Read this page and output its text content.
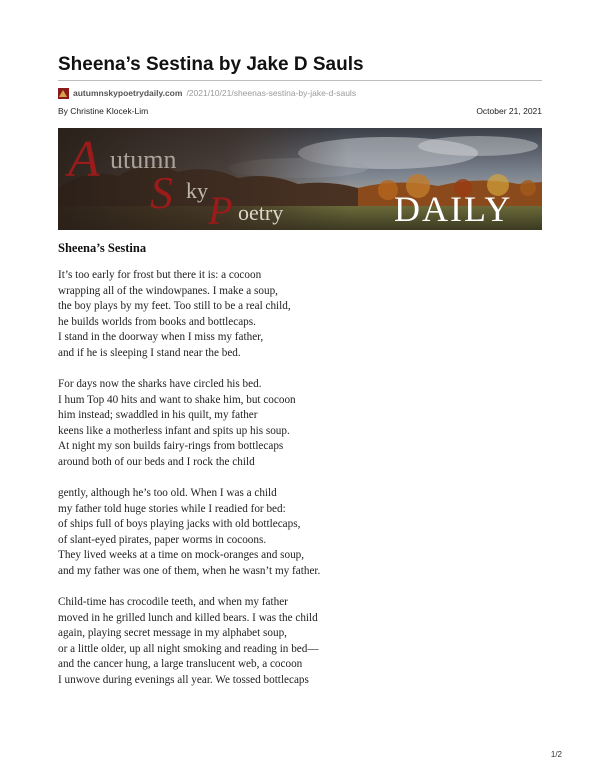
Sheena’s Sestina by Jake D Sauls
autumnskypoetrydaily.com /2021/10/21/sheenas-sestina-by-jake-d-sauls
By Christine Klocek-Lim	October 21, 2021
A utumn
S ky P oetry	DAILY
Sheena’s Sestina
It’s too early for frost but there it is: a cocoon
wrapping all of the windowpanes. I make a soup,
the boy plays by my feet. Too still to be a real child,
he builds worlds from books and bottlecaps.
I stand in the doorway when I miss my father,
and if he is sleeping I stand near the bed.
For days now the sharks have circled his bed.
I hum Top 40 hits and want to shake him, but cocoon
him instead; swaddled in his quilt, my father
keens like a motherless infant and spits up his soup.
At night my son builds fairy-rings from bottlecaps
around both of our beds and I rock the child
gently, although he’s too old. When I was a child
my father told huge stories while I readied for bed:
of ships full of boys playing jacks with old bottlecaps,
of slant-eyed pirates, paper worms in cocoons.
They lived weeks at a time on mock-oranges and soup,
and my father was one of them, when he wasn’t my father.
Child-time has crocodile teeth, and when my father
moved in he grilled lunch and killed bears. I was the child
again, playing secret message in my alphabet soup,
or a little older, up all night smoking and reading in bed—
and the cancer hung, a large translucent web, a cocoon
I unwove during evenings all year. We tossed bottlecaps
1/2
